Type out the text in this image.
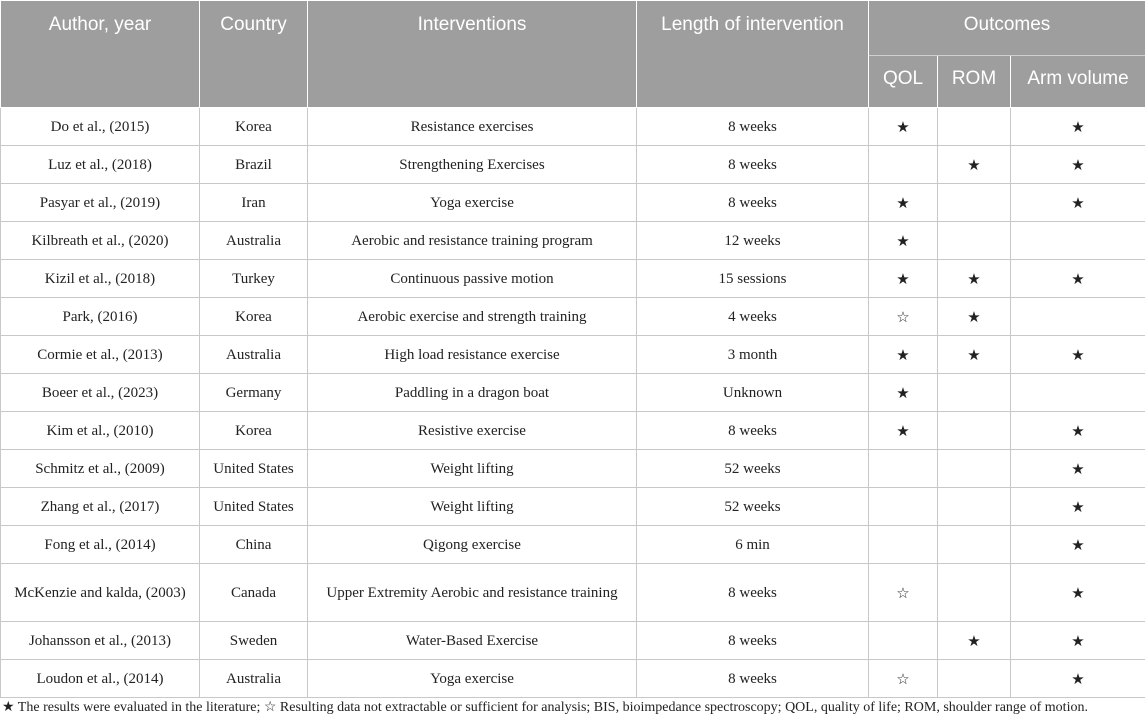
Author, year	Country	Interventions	Length of intervention	Outcomes		
				QOL	ROM	Arm volume
Do et al., (2015)	Korea	Resistance exercises	8 weeks	★		★
Luz et al., (2018)	Brazil	Strengthening Exercises	8 weeks		★	★
Pasyar et al., (2019)	Iran	Yoga exercise	8 weeks	★		★
Kilbreath et al., (2020)	Australia	Aerobic and resistance training program	12 weeks	★		
Kizil et al., (2018)	Turkey	Continuous passive motion	15 sessions	★	★	★
Park, (2016)	Korea	Aerobic exercise and strength training	4 weeks	☆	★	
Cormie et al., (2013)	Australia	High load resistance exercise	3 month	★	★	★
Boeer et al., (2023)	Germany	Paddling in a dragon boat	Unknown	★		
Kim et al., (2010)	Korea	Resistive exercise	8 weeks	★		★
Schmitz et al., (2009)	United States	Weight lifting	52 weeks			★
Zhang et al., (2017)	United States	Weight lifting	52 weeks			★
Fong et al., (2014)	China	Qigong exercise	6 min			★
McKenzie and kalda, (2003)	Canada	Upper Extremity Aerobic and resistance training	8 weeks	☆		★
Johansson et al., (2013)	Sweden	Water-Based Exercise	8 weeks		★	★
Loudon et al., (2014)	Australia	Yoga exercise	8 weeks	☆		★
★ The results were evaluated in the literature; ☆ Resulting data not extractable or sufficient for analysis; BIS, bioimpedance spectroscopy; QOL, quality of life; ROM, shoulder range of motion.
